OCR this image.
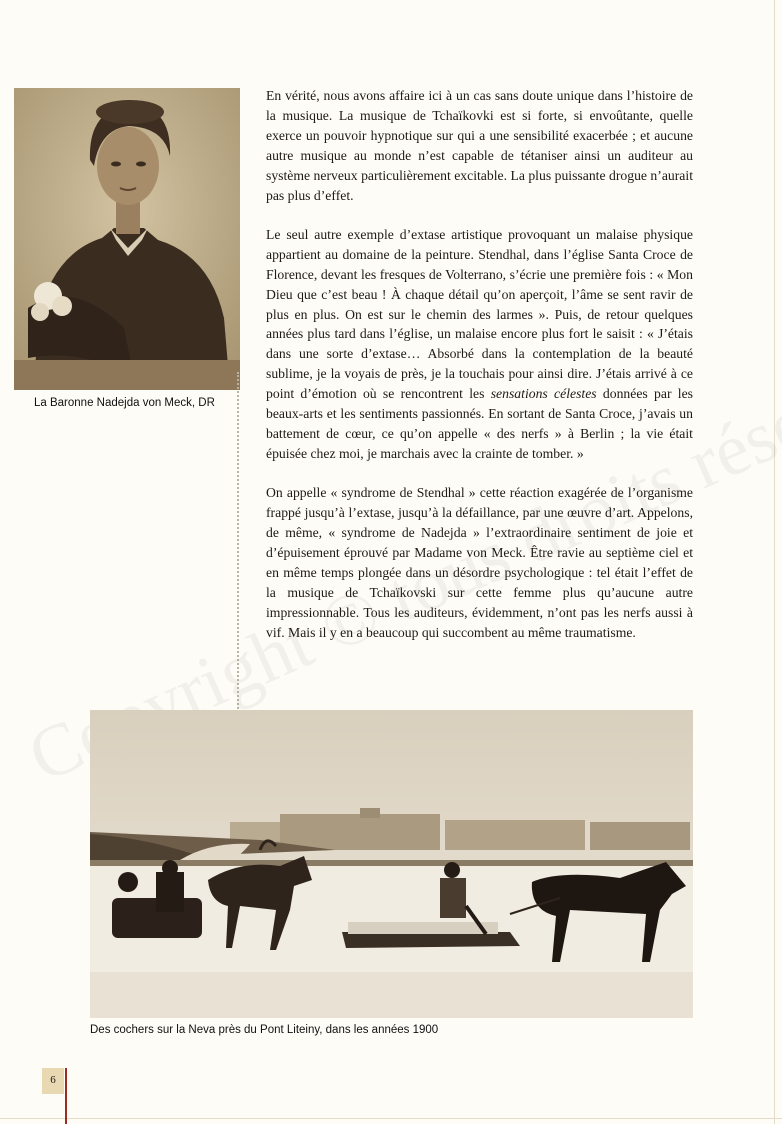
La Baronne Nadejda von Meck, DR

En vérité, nous avons affaire ici à un cas sans doute unique dans l’histoire de la musique. La musique de Tchaïkovki est si forte, si envoûtante, quelle exerce un pouvoir hypnotique sur qui a une sensibilité exacerbée ; et aucune autre musique au monde n’est capable de tétaniser ainsi un auditeur au système nerveux particulièrement excitable. La plus puissante drogue n’aurait pas plus d’effet.

Le seul autre exemple d’extase artistique provoquant un malaise physique appartient au domaine de la peinture. Stendhal, dans l’église Santa Croce de Florence, devant les fresques de Volterrano, s’écrie une première fois : « Mon Dieu que c’est beau ! À chaque détail qu’on aperçoit, l’âme se sent ravir de plus en plus. On est sur le chemin des larmes ». Puis, de retour quelques années plus tard dans l’église, un malaise encore plus fort le saisit : « J’étais dans une sorte d’extase… Absorbé dans la contemplation de la beauté sublime, je la voyais de près, je la touchais pour ainsi dire. J’étais arrivé à ce point d’émotion où se rencontrent les sensations célestes données par les beaux-arts et les sentiments passionnés. En sortant de Santa Croce, j’avais un battement de cœur, ce qu’on appelle « des nerfs » à Berlin ; la vie était épuisée chez moi, je marchais avec la crainte de tomber. »

On appelle « syndrome de Stendhal » cette réaction exagérée de l’organisme frappé jusqu’à l’extase, jusqu’à la défaillance, par une œuvre d’art. Appelons, de même, « syndrome de Nadejda » l’extraordinaire sentiment de joie et d’épuisement éprouvé par Madame von Meck. Être ravie au septième ciel et en même temps plongée dans un désordre psychologique : tel était l’effet de la musique de Tchaïkovski sur cette femme plus qu’aucune autre impressionnable. Tous les auditeurs, évidemment, n’ont pas les nerfs aussi à vif. Mais il y en a beaucoup qui succombent au même traumatisme.

Des cochers sur la Neva près du Pont Liteiny, dans les années 1900
6
